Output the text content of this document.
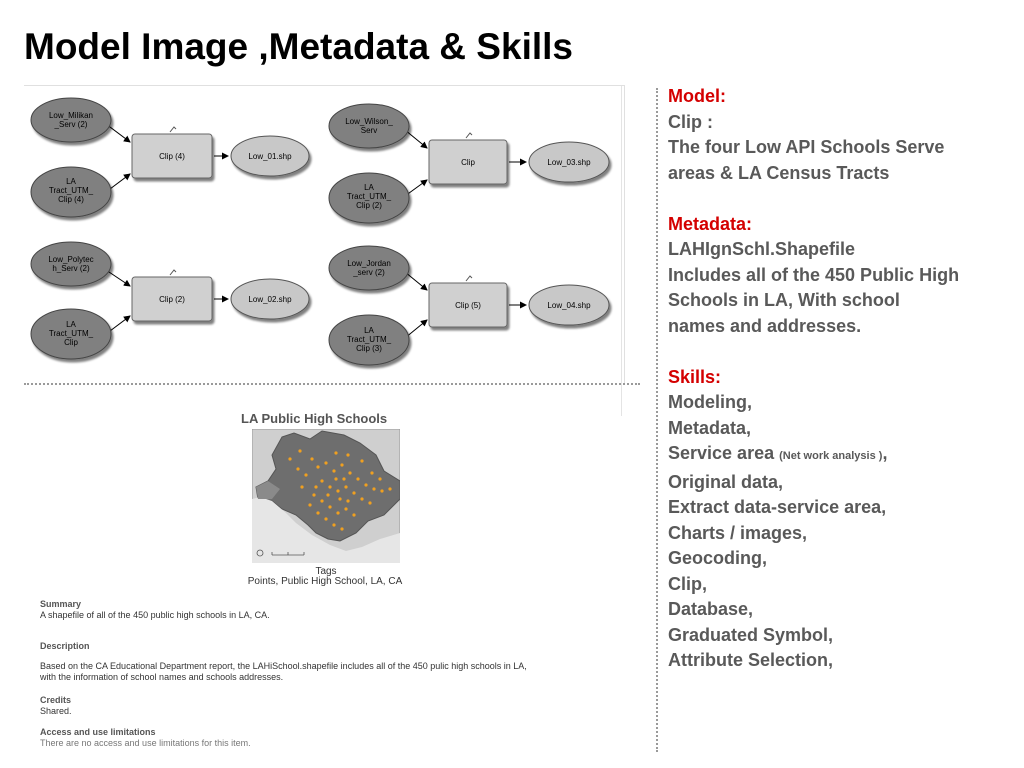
Model Image ,Metadata & Skills
Low_Milikan
_Serv (2)
LA
Tract_UTM_
Clip (4)
Clip (4)	Low_01.shp
Low_Wilson_
Serv
LA
Tract_UTM_
Clip (2)
Clip	Low_03.shp
Low_Polytec
h_Serv (2)
LA
Tract_UTM_
Clip
Clip (2)	Low_02.shp
Low_Jordan
_serv (2)
LA
Tract_UTM_
Clip (3)
Clip (5)	Low_04.shp
LA Public High Schools
Tags
Points, Public High School, LA, CA
Summary
A shapefile of all of the 450 public high schools in LA, CA.
Description
Based on the CA Educational Department report, the LAHiSchool.shapefile includes all of the 450 pulic high schools in LA,
with the information of school names and schools addresses.
Credits
Shared.
Access and use limitations
There are no access and use limitations for this item.
Model:
Clip :
The four Low API Schools Serve
areas & LA Census Tracts
Metadata:
LAHIgnSchl.Shapefile
Includes all of the 450 Public High
Schools in LA, With school
names and addresses.
Skills:
Modeling,
Metadata,
Service area (Net work analysis ),
Original data,
Extract data-service area,
Charts / images,
Geocoding,
Clip,
Database,
Graduated Symbol,
Attribute Selection,
